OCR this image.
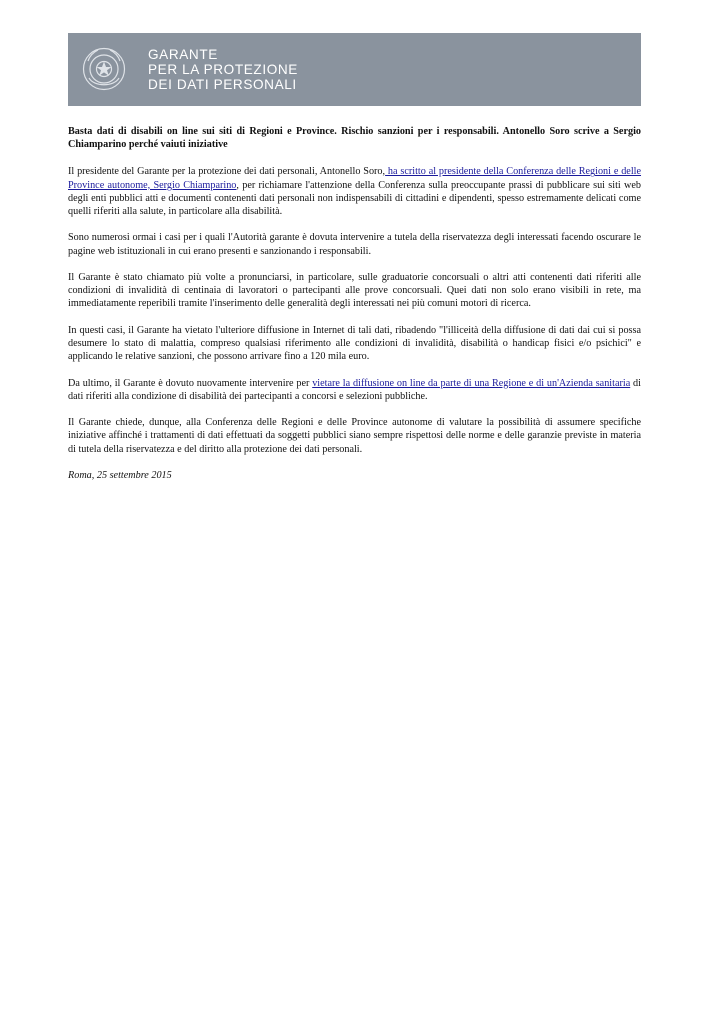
GARANTE
PER LA PROTEZIONE
DEI DATI PERSONALI

Basta dati di disabili on line sui siti di Regioni e Province. Rischio sanzioni per i responsabili. Antonello Soro scrive a Sergio Chiamparino perché vaiuti iniziative

Il presidente del Garante per la protezione dei dati personali, Antonello Soro, ha scritto al presidente della Conferenza delle Regioni e delle Province autonome, Sergio Chiamparino, per richiamare l'attenzione della Conferenza sulla preoccupante prassi di pubblicare sui siti web degli enti pubblici atti e documenti contenenti dati personali non indispensabili di cittadini e dipendenti, spesso estremamente delicati come quelli riferiti alla salute, in particolare alla disabilità.

Sono numerosi ormai i casi per i quali l'Autorità garante è dovuta intervenire a tutela della riservatezza degli interessati facendo oscurare le pagine web istituzionali in cui erano presenti e sanzionando i responsabili.

Il Garante è stato chiamato più volte a pronunciarsi, in particolare, sulle graduatorie concorsuali o altri atti contenenti dati riferiti alle condizioni di invalidità di centinaia di lavoratori o partecipanti alle prove concorsuali. Quei dati non solo erano visibili in rete, ma immediatamente reperibili tramite l'inserimento delle generalità degli interessati nei più comuni motori di ricerca.

In questi casi, il Garante ha vietato l'ulteriore diffusione in Internet di tali dati, ribadendo "l'illiceità della diffusione di dati dai cui si possa desumere lo stato di malattia, compreso qualsiasi riferimento alle condizioni di invalidità, disabilità o handicap fisici e/o psichici" e applicando le relative sanzioni, che possono arrivare fino a 120 mila euro.

Da ultimo, il Garante è dovuto nuovamente intervenire per vietare la diffusione on line da parte di una Regione e di un'Azienda sanitaria di dati riferiti alla condizione di disabilità dei partecipanti a concorsi e selezioni pubbliche.

Il Garante chiede, dunque, alla Conferenza delle Regioni e delle Province autonome di valutare la possibilità di assumere specifiche iniziative affinché i trattamenti di dati effettuati da soggetti pubblici siano sempre rispettosi delle norme e delle garanzie previste in materia di tutela della riservatezza e del diritto alla protezione dei dati personali.

Roma, 25 settembre 2015
